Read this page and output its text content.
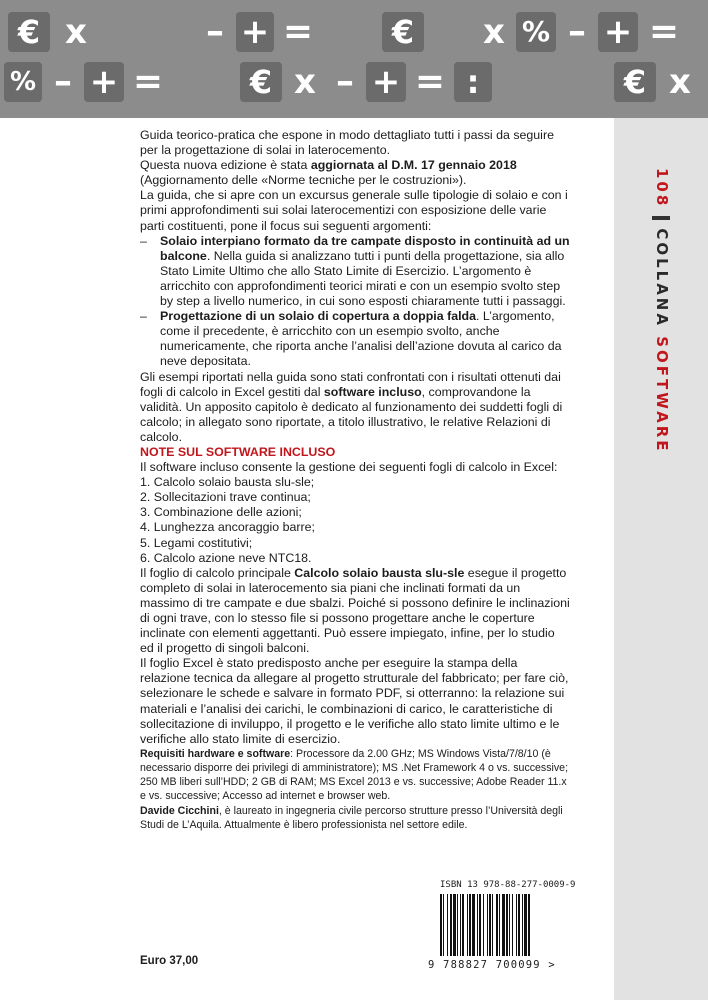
€ x	– + =	€ x % – + =
% – + =	€ x – + = :	€ x
108COLLANA SOFTWARE

Guida teorico-pratica che espone in modo dettagliato tutti i passi da seguire per la progettazione di solai in laterocemento.

Questa nuova edizione è stata aggiornata al D.M. 17 gennaio 2018 (Aggiornamento delle «Norme tecniche per le costruzioni»).

La guida, che si apre con un excursus generale sulle tipologie di solaio e con i primi approfondimenti sui solai laterocementizi con esposizione delle varie parti costituenti, pone il focus sui seguenti argomenti:

–	Solaio interpiano formato da tre campate disposto in continuità ad un balcone. Nella guida si analizzano tutti i punti della progettazione, sia allo Stato Limite Ultimo che allo Stato Limite di Esercizio. L’argomento è arricchito con approfondimenti teorici mirati e con un esempio svolto step by step a livello numerico, in cui sono esposti chiaramente tutti i passaggi.
–	Progettazione di un solaio di copertura a doppia falda. L’argomento, come il precedente, è arricchito con un esempio svolto, anche numericamente, che riporta anche l’analisi dell’azione dovuta al carico da neve depositata.

Gli esempi riportati nella guida sono stati confrontati con i risultati ottenuti dai fogli di calcolo in Excel gestiti dal software incluso, comprovandone la validità. Un apposito capitolo è dedicato al funzionamento dei suddetti fogli di calcolo; in allegato sono riportate, a titolo illustrativo, le relative Relazioni di calcolo.

NOTE SUL SOFTWARE INCLUSO

Il software incluso consente la gestione dei seguenti fogli di calcolo in Excel:

1. Calcolo solaio bausta slu-sle;

2. Sollecitazioni trave continua;

3. Combinazione delle azioni;

4. Lunghezza ancoraggio barre;

5. Legami costitutivi;

6. Calcolo azione neve NTC18.

Il foglio di calcolo principale Calcolo solaio bausta slu-sle esegue il progetto completo di solai in laterocemento sia piani che inclinati formati da un massimo di tre campate e due sbalzi. Poiché si possono definire le inclinazioni di ogni trave, con lo stesso file si possono progettare anche le coperture inclinate con elementi aggettanti. Può essere impiegato, infine, per lo studio ed il progetto di singoli balconi.

Il foglio Excel è stato predisposto anche per eseguire la stampa della relazione tecnica da allegare al progetto strutturale del fabbricato; per fare ciò, selezionare le schede e salvare in formato PDF, si otterranno: la relazione sui materiali e l’analisi dei carichi, le combinazioni di carico, le caratteristiche di sollecitazione di inviluppo, il progetto e le verifiche allo stato limite ultimo e le verifiche allo stato limite di esercizio.

Requisiti hardware e software: Processore da 2.00 GHz; MS Windows Vista/7/8/10 (è necessario disporre dei privilegi di amministratore); MS .Net Framework 4 o vs. successive; 250 MB liberi sull’HDD; 2 GB di RAM; MS Excel 2013 e vs. successive; Adobe Reader 11.x e vs. successive; Accesso ad internet e browser web.

Davide Cicchini, è laureato in ingegneria civile percorso strutture presso l’Università degli Studi de L’Aquila. Attualmente è libero professionista nel settore edile.

ISBN 13 978-88-277-0009-9
9 788827 700099 >
Euro 37,00
